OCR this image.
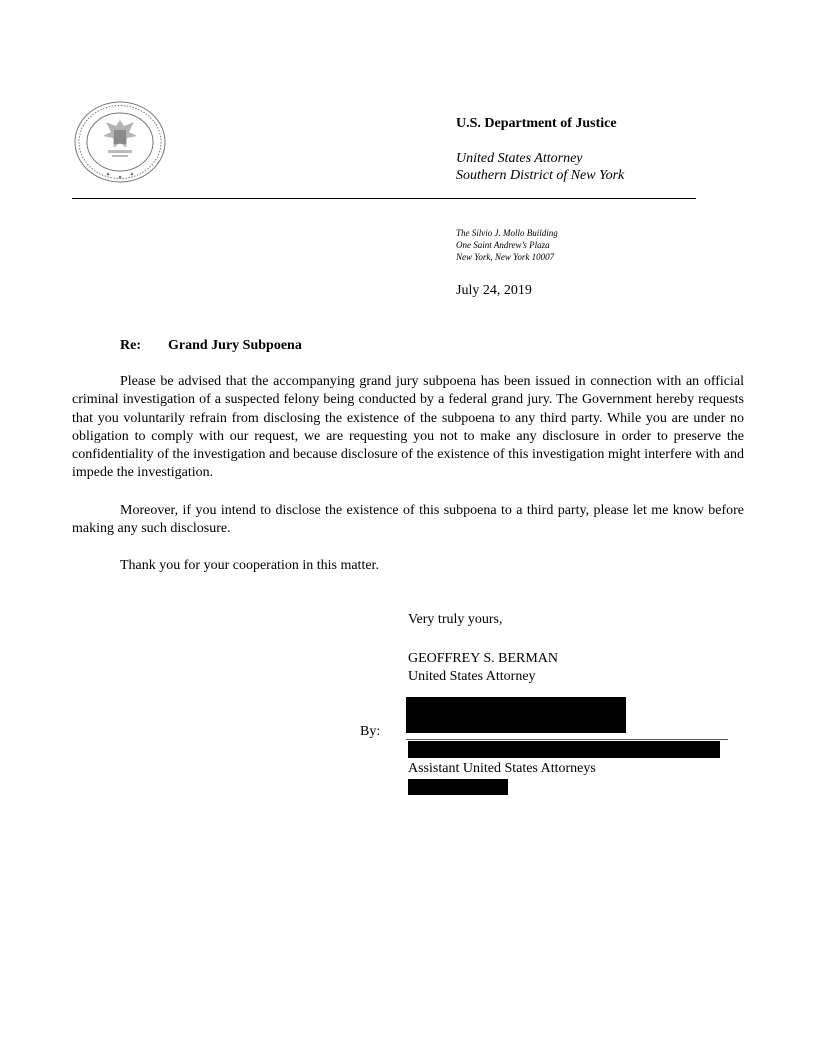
U.S. Department of Justice
United States Attorney
Southern District of New York
The Silvio J. Mollo Building
One Saint Andrew’s Plaza
New York, New York 10007
July 24, 2019
Re: Grand Jury Subpoena

Please be advised that the accompanying grand jury subpoena has been issued in connection with an official criminal investigation of a suspected felony being conducted by a federal grand jury. The Government hereby requests that you voluntarily refrain from disclosing the existence of the subpoena to any third party. While you are under no obligation to comply with our request, we are requesting you not to make any disclosure in order to preserve the confidentiality of the investigation and because disclosure of the existence of this investigation might interfere with and impede the investigation.

Moreover, if you intend to disclose the existence of this subpoena to a third party, please let me know before making any such disclosure.

Thank you for your cooperation in this matter.

Very truly yours,
GEOFFREY S. BERMAN
United States Attorney
By:
Assistant United States Attorneys
